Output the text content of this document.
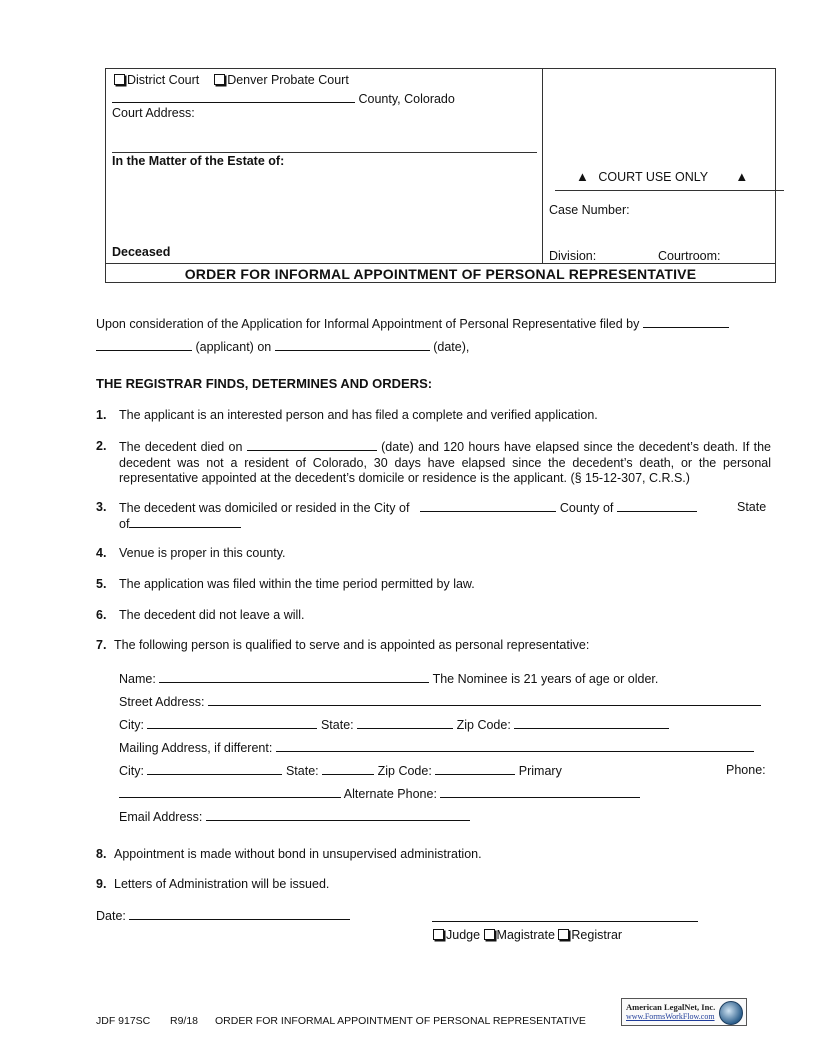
District Court Denver Probate Court
County, Colorado
Court Address:
In the Matter of the Estate of:
Deceased
▲ COURT USE ONLY ▲
Case Number:
Division:	Courtroom:
ORDER FOR INFORMAL APPOINTMENT OF PERSONAL REPRESENTATIVE
Upon consideration of the Application for Informal Appointment of Personal Representative filed by
(applicant) on	(date),
THE REGISTRAR FINDS, DETERMINES AND ORDERS:
1. The applicant is an interested person and has filed a complete and verified application.
2. The decedent died on	(date) and 120 hours have elapsed since the decedent’s death. If the decedent was not a resident of Colorado, 30 days have elapsed since the decedent’s death, or the personal representative appointed at the decedent’s domicile or residence is the applicant. (§ 15-12-307, C.R.S.)
3. The decedent was domiciled or resided in the City of	County of	State
of
4. Venue is proper in this county.
5. The application was filed within the time period permitted by law.
6. The decedent did not leave a will.
7. The following person is qualified to serve and is appointed as personal representative:
Name:	The Nominee is 21 years of age or older.
Street Address:
City:	State:	Zip Code:
Mailing Address, if different:
City:	State:	Zip Code:	Primary	Phone:
Alternate Phone:
Email Address:
8. Appointment is made without bond in unsupervised administration.
9. Letters of Administration will be issued.
Date:
Judge Magistrate Registrar
JDF 917SC R9/18 ORDER FOR INFORMAL APPOINTMENT OF PERSONAL REPRESENTATIVE
American LegalNet, Inc.
www.FormsWorkFlow.com
